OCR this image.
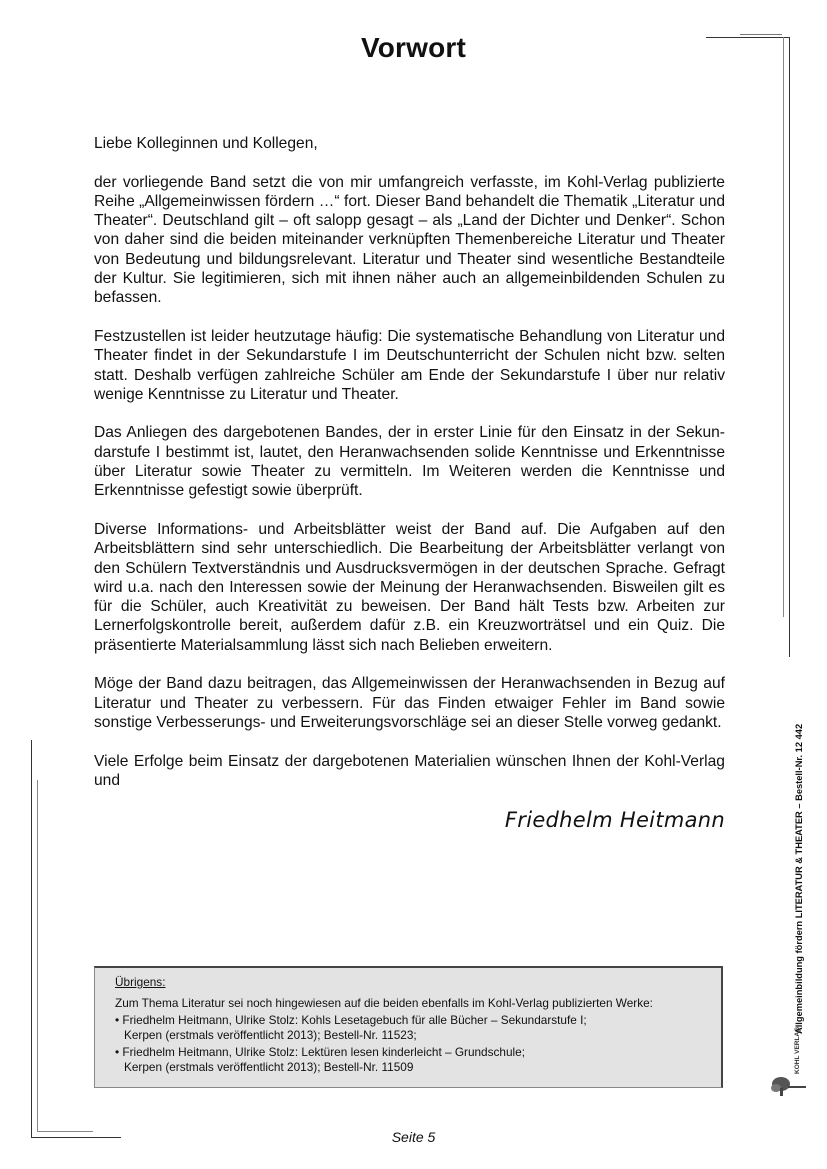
Vorwort

Liebe Kolleginnen und Kollegen,

der vorliegende Band setzt die von mir umfangreich verfasste, im Kohl-Verlag publizierte Reihe „Allgemeinwissen fördern …“ fort. Dieser Band behandelt die Thematik „Literatur und Theater“. Deutschland gilt – oft salopp gesagt – als „Land der Dichter und Denker“. Schon von daher sind die beiden miteinander verknüpften Themenbereiche Literatur und Theater von Bedeutung und bildungsrelevant. Literatur und Theater sind wesentliche Bestandteile der Kultur. Sie legitimieren, sich mit ihnen näher auch an allgemeinbildenden Schulen zu befassen.

Festzustellen ist leider heutzutage häufig: Die systematische Behandlung von Literatur und Theater findet in der Sekundarstufe I im Deutschunterricht der Schulen nicht bzw. selten statt. Deshalb verfügen zahlreiche Schüler am Ende der Sekundarstufe I über nur relativ wenige Kenntnisse zu Literatur und Theater.

Das Anliegen des dargebotenen Bandes, der in erster Linie für den Einsatz in der Sekundarstufe I bestimmt ist, lautet, den Heranwachsenden solide Kenntnisse und Erkenntnisse über Literatur sowie Theater zu vermitteln. Im Weiteren werden die Kenntnisse und Erkenntnisse gefestigt sowie überprüft.

Diverse Informations- und Arbeitsblätter weist der Band auf. Die Aufgaben auf den Arbeitsblättern sind sehr unterschiedlich. Die Bearbeitung der Arbeitsblätter verlangt von den Schülern Textverständnis und Ausdrucksvermögen in der deutschen Sprache. Gefragt wird u.a. nach den Interessen sowie der Meinung der Heranwachsenden. Bisweilen gilt es für die Schüler, auch Kreativität zu beweisen. Der Band hält Tests bzw. Arbeiten zur Lernerfolgskontrolle bereit, außerdem dafür z.B. ein Kreuzworträtsel und ein Quiz. Die präsentierte Materialsammlung lässt sich nach Belieben erweitern.

Möge der Band dazu beitragen, das Allgemeinwissen der Heranwachsenden in Bezug auf Literatur und Theater zu verbessern. Für das Finden etwaiger Fehler im Band sowie sonstige Verbesserungs- und Erweiterungsvorschläge sei an dieser Stelle vorweg gedankt.

Viele Erfolge beim Einsatz der dargebotenen Materialien wünschen Ihnen der Kohl-Verlag und

Friedhelm Heitmann
Übrigens:
Zum Thema Literatur sei noch hingewiesen auf die beiden ebenfalls im Kohl-Verlag publizierten Werke:
• Friedhelm Heitmann, Ulrike Stolz: Kohls Lesetagebuch für alle Bücher – Sekundarstufe I;
Kerpen (erstmals veröffentlicht 2013); Bestell-Nr. 11523;
• Friedhelm Heitmann, Ulrike Stolz: Lektüren lesen kinderleicht – Grundschule;
Kerpen (erstmals veröffentlicht 2013); Bestell-Nr. 11509
Allgemeinbildung fördern LITERATUR & THEATER – Bestell-Nr. 12 442
KOHL VERLAG
Seite 5
